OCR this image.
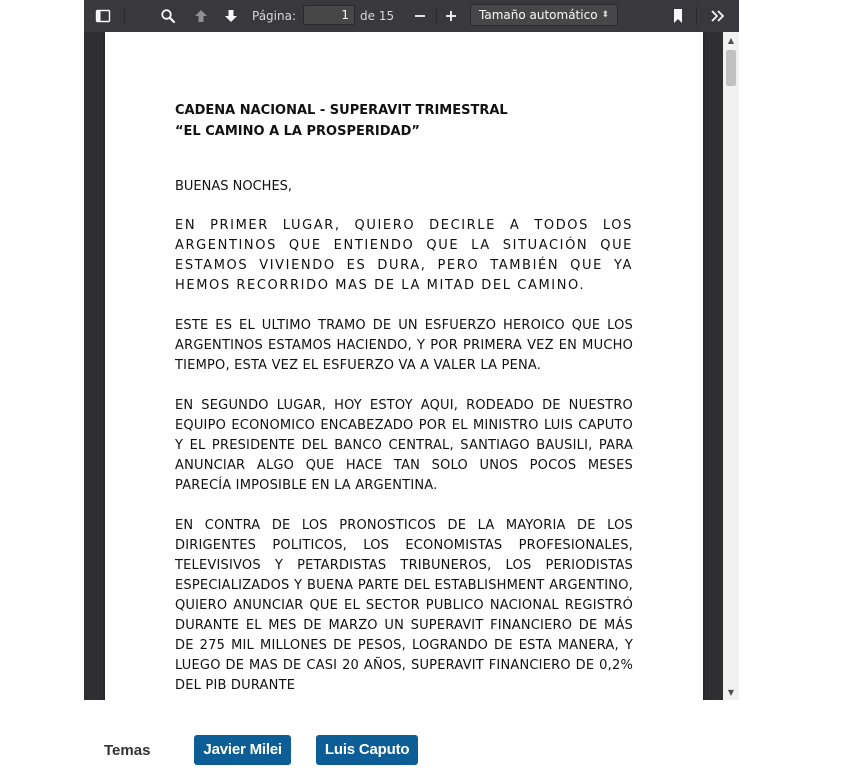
Página:
1	de 15	Tamaño automático ⬍
CADENA NACIONAL - SUPERAVIT TRIMESTRAL
“EL CAMINO A LA PROSPERIDAD”
BUENAS NOCHES,
EN PRIMER LUGAR, QUIERO DECIRLE A TODOS LOS ARGENTINOS QUE ENTIENDO QUE LA SITUACIÓN QUE ESTAMOS VIVIENDO ES DURA, PERO TAMBIÉN QUE YA HEMOS RECORRIDO MAS DE LA MITAD DEL CAMINO.
ESTE ES EL ULTIMO TRAMO DE UN ESFUERZO HEROICO QUE LOS ARGENTINOS ESTAMOS HACIENDO, Y POR PRIMERA VEZ EN MUCHO TIEMPO, ESTA VEZ EL ESFUERZO VA A VALER LA PENA.
EN SEGUNDO LUGAR, HOY ESTOY AQUI, RODEADO DE NUESTRO EQUIPO ECONOMICO ENCABEZADO POR EL MINISTRO LUIS CAPUTO Y EL PRESIDENTE DEL BANCO CENTRAL, SANTIAGO BAUSILI, PARA ANUNCIAR ALGO QUE HACE TAN SOLO UNOS POCOS MESES PARECÍA IMPOSIBLE EN LA ARGENTINA.
EN CONTRA DE LOS PRONOSTICOS DE LA MAYORIA DE LOS DIRIGENTES POLITICOS, LOS ECONOMISTAS PROFESIONALES, TELEVISIVOS Y PETARDISTAS TRIBUNEROS, LOS PERIODISTAS ESPECIALIZADOS Y BUENA PARTE DEL ESTABLISHMENT ARGENTINO, QUIERO ANUNCIAR QUE EL SECTOR PUBLICO NACIONAL REGISTRÓ DURANTE EL MES DE MARZO UN SUPERAVIT FINANCIERO DE MÁS DE 275 MIL MILLONES DE PESOS, LOGRANDO DE ESTA MANERA, Y LUEGO DE MAS DE CASI 20 AÑOS, SUPERAVIT FINANCIERO DE 0,2% DEL PIB DURANTE
▲
▼
Temas	Javier Milei	Luis Caputo
